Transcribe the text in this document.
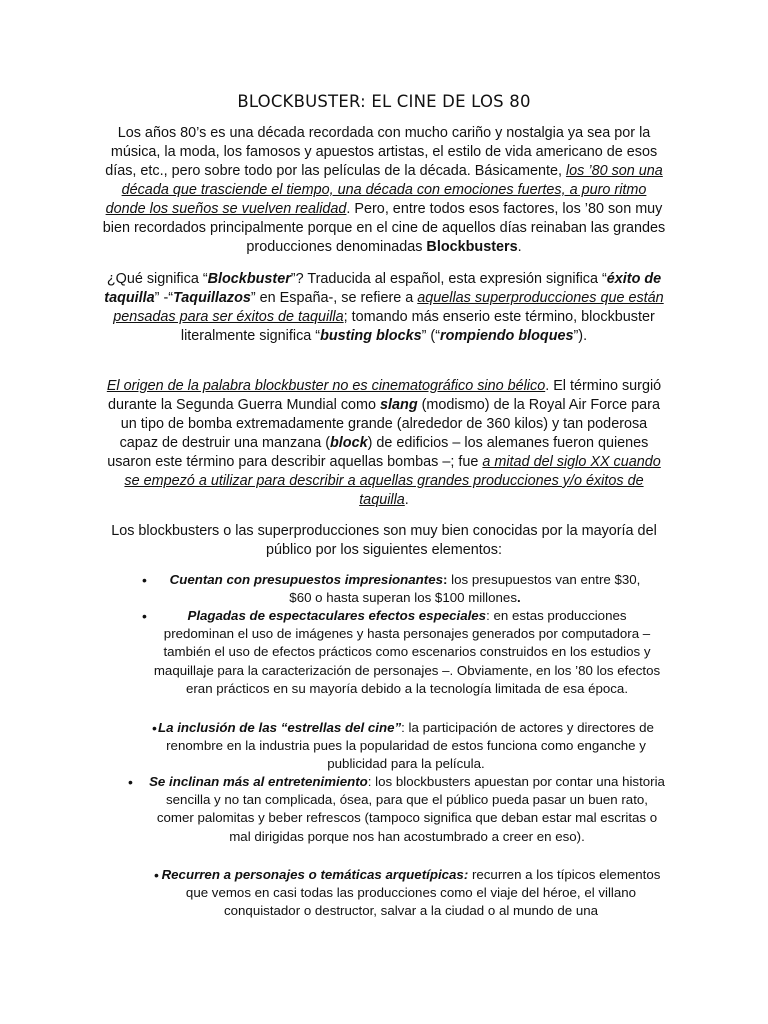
BLOCKBUSTER: EL CINE DE LOS 80

Los años 80’s es una década recordada con mucho cariño y nostalgia ya sea por la música, la moda, los famosos y apuestos artistas, el estilo de vida americano de esos días, etc., pero sobre todo por las películas de la década. Básicamente, los ’80 son una década que trasciende el tiempo, una década con emociones fuertes, a puro ritmo donde los sueños se vuelven realidad. Pero, entre todos esos factores, los ’80 son muy bien recordados principalmente porque en el cine de aquellos días reinaban las grandes producciones denominadas Blockbusters.

¿Qué significa “Blockbuster”? Traducida al español, esta expresión significa “éxito de taquilla” -“Taquillazos” en España-, se refiere a aquellas superproducciones que están pensadas para ser éxitos de taquilla; tomando más enserio este término, blockbuster literalmente significa “busting blocks” (“rompiendo bloques”).

El origen de la palabra blockbuster no es cinematográfico sino bélico. El término surgió durante la Segunda Guerra Mundial como slang (modismo) de la Royal Air Force para un tipo de bomba extremadamente grande (alrededor de 360 kilos) y tan poderosa capaz de destruir una manzana (block) de edificios – los alemanes fueron quienes usaron este término para describir aquellas bombas –; fue a mitad del siglo XX cuando se empezó a utilizar para describir a aquellas grandes producciones y/o éxitos de taquilla.

Los blockbusters o las superproducciones son muy bien conocidas por la mayoría del público por los siguientes elementos:

• Cuentan con presupuestos impresionantes: los presupuestos van entre $30, $60 o hasta superan los $100 millones.
•	Plagadas de espectaculares efectos especiales: en estas producciones predominan el uso de imágenes y hasta personajes generados por computadora – también el uso de efectos prácticos como escenarios construidos en los estudios y maquillaje para la caracterización de personajes –. Obviamente, en los ’80 los efectos eran prácticos en su mayoría debido a la tecnología limitada de esa época.
• La inclusión de las “estrellas del cine”: la participación de actores y directores de renombre en la industria pues la popularidad de estos funciona como enganche y publicidad para la película.
• Se inclinan más al entretenimiento: los blockbusters apuestan por contar una historia sencilla y no tan complicada, ósea, para que el público pueda pasar un buen rato, comer palomitas y beber refrescos (tampoco significa que deban estar mal escritas o mal dirigidas porque nos han acostumbrado a creer en eso).
• Recurren a personajes o temáticas arquetípicas: recurren a los típicos elementos que vemos en casi todas las producciones como el viaje del héroe, el villano conquistador o destructor, salvar a la ciudad o al mundo de una
